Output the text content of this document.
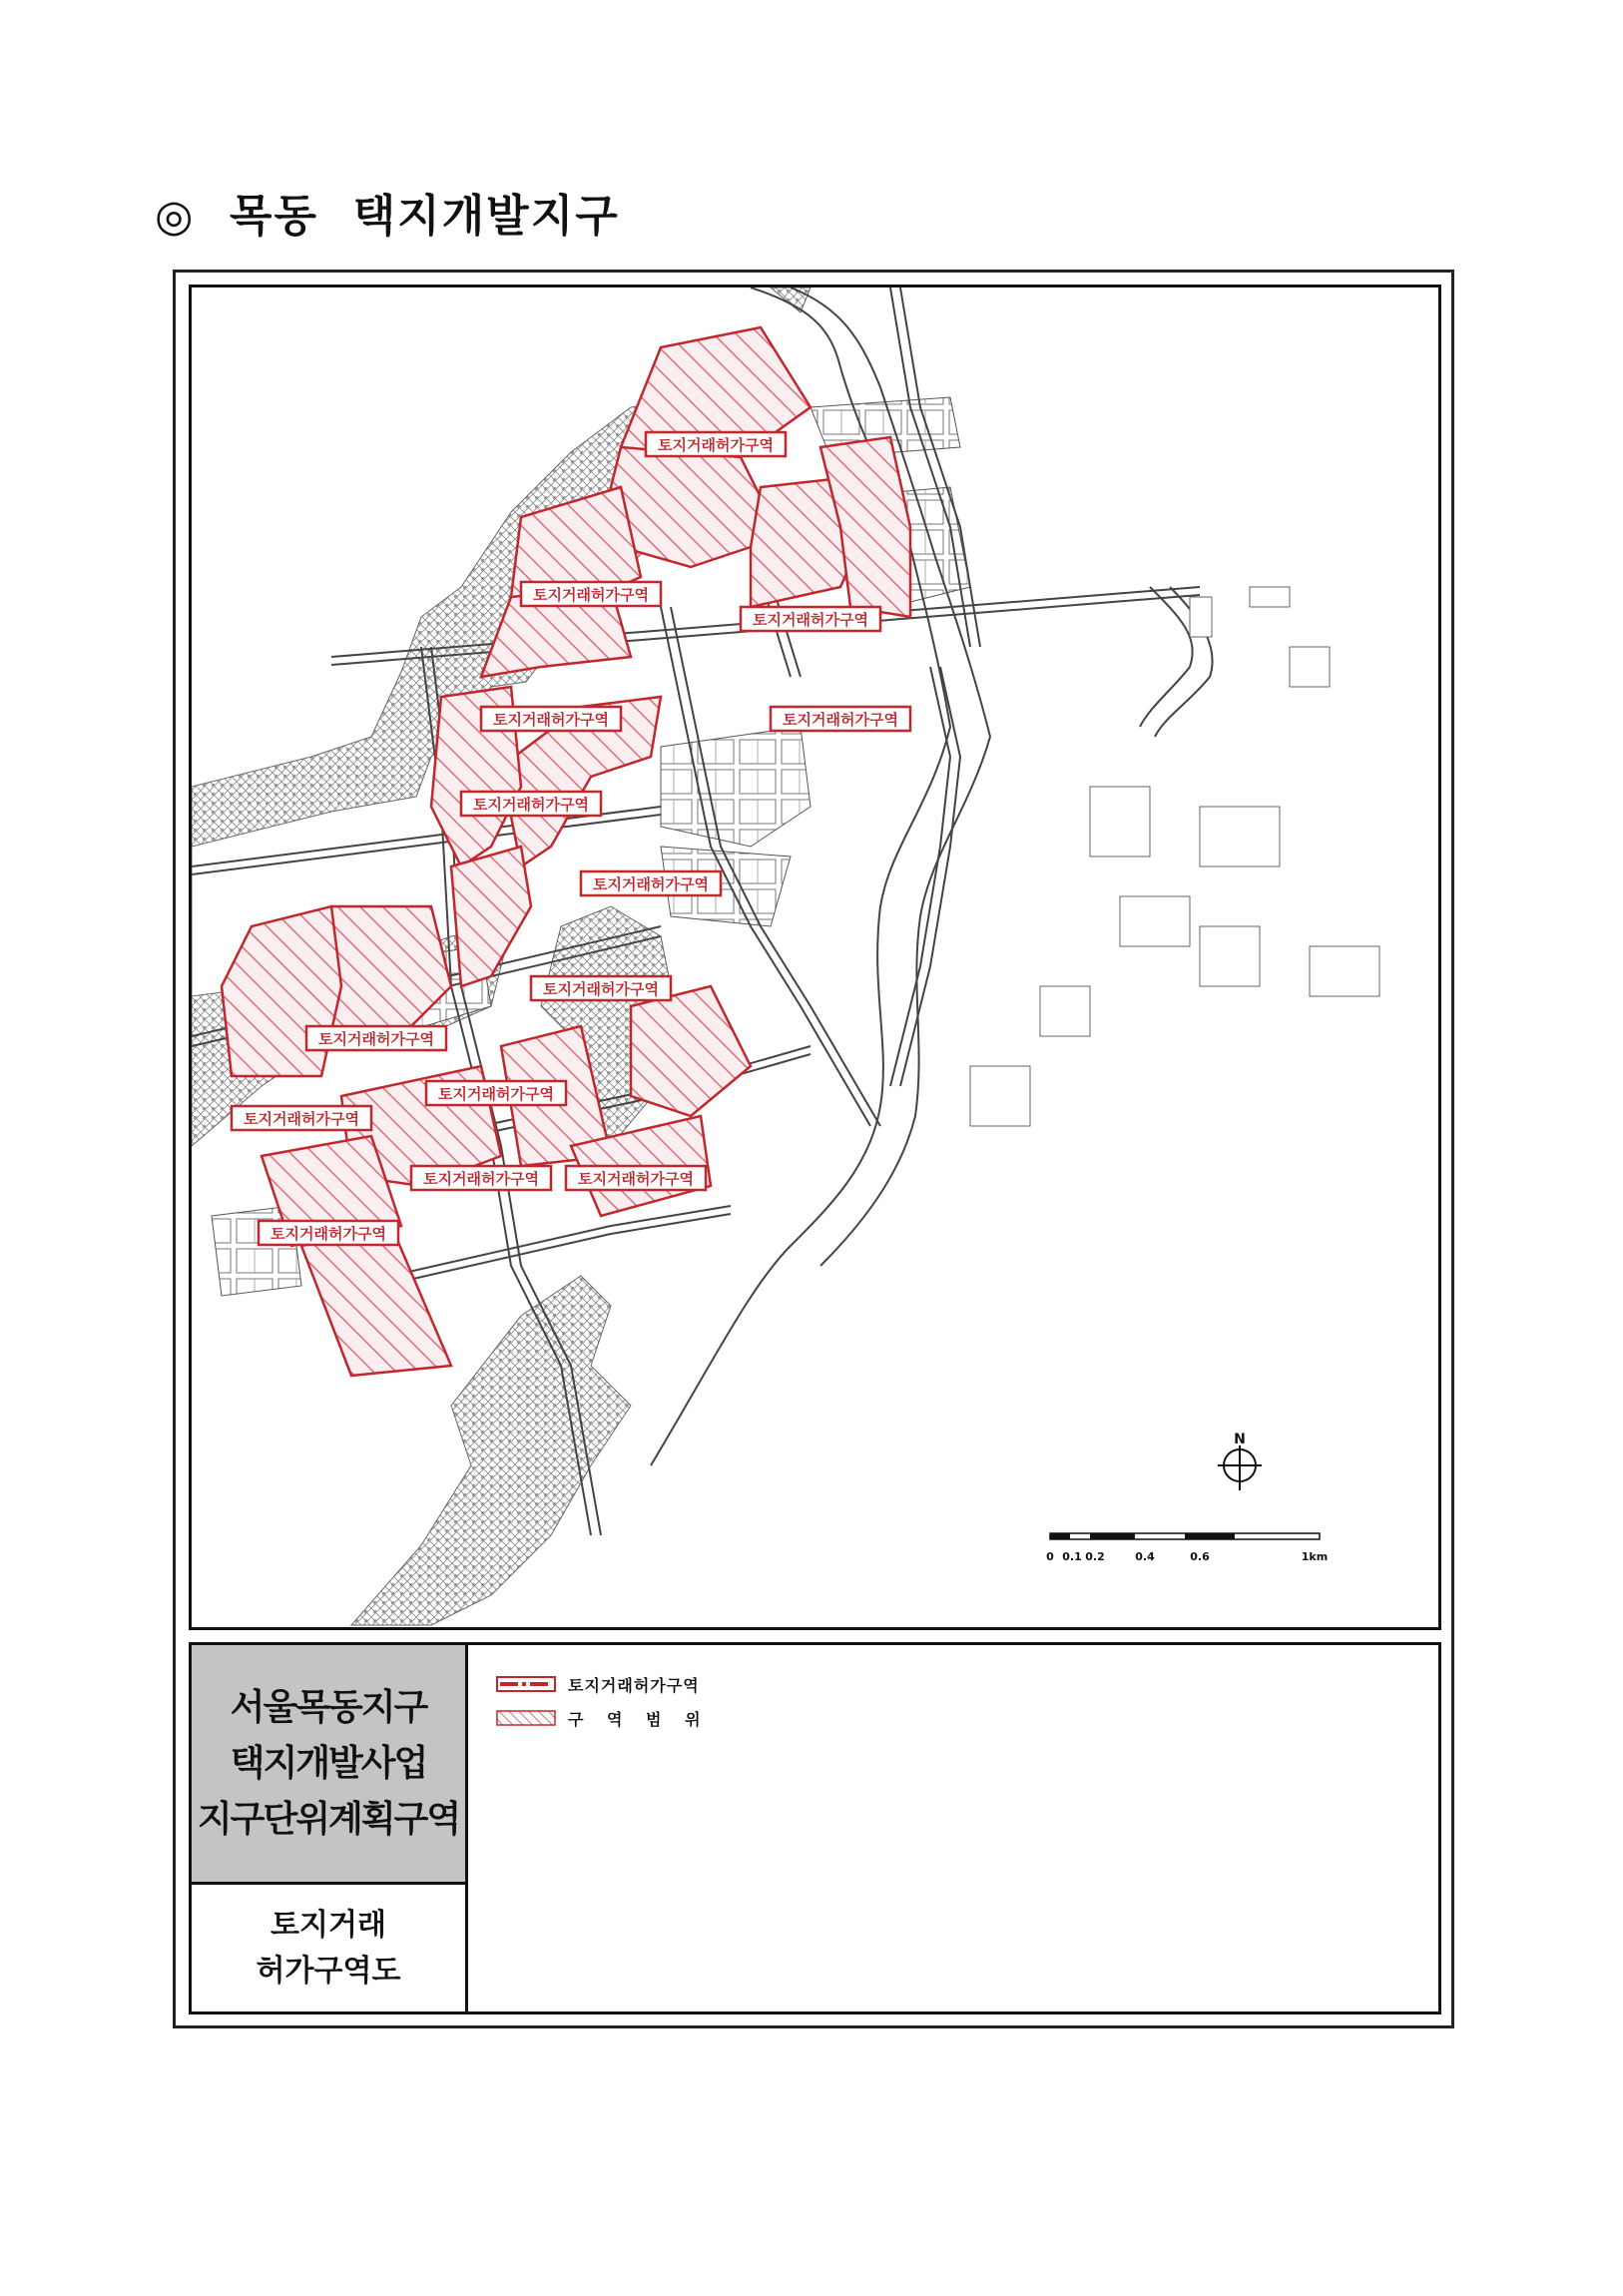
◎  목동  택지개발지구
토지거래허가구역
토지거래허가구역
토지거래허가구역
토지거래허가구역
토지거래허가구역
토지거래허가구역
토지거래허가구역
토지거래허가구역
토지거래허가구역
토지거래허가구역
토지거래허가구역
토지거래허가구역
토지거래허가구역
토지거래허가구역
N
0 0.1 0.2	0.4	0.6	1km
서울목동지구
택지개발사업
지구단위계획구역
토지거래
허가구역도
토지거래허가구역
구 역 범 위
